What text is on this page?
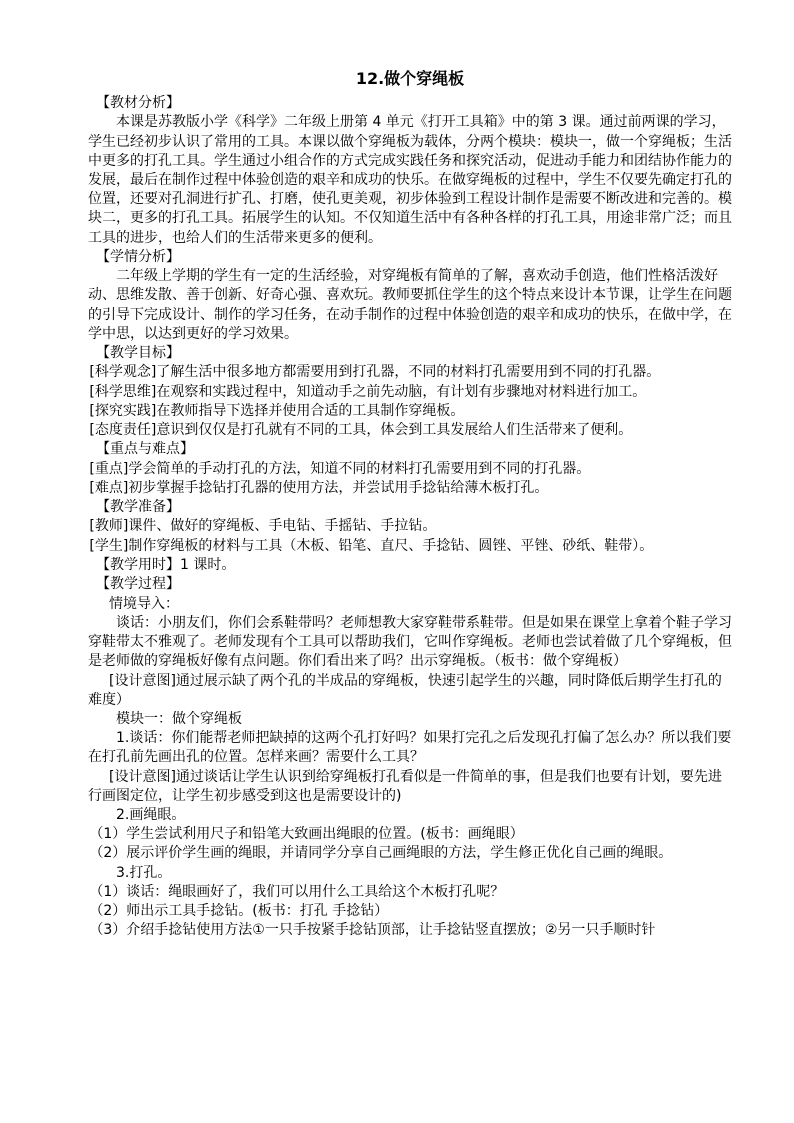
12.做个穿绳板

【教材分析】

本课是苏教版小学《科学》二年级上册第 4 单元《打开工具箱》中的第 3 课。通过前两课的学习，学生已经初步认识了常用的工具。本课以做个穿绳板为载体，分两个模块：模块一，做一个穿绳板；生活中更多的打孔工具。学生通过小组合作的方式完成实践任务和探究活动，促进动手能力和团结协作能力的发展，最后在制作过程中体验创造的艰辛和成功的快乐。在做穿绳板的过程中，学生不仅要先确定打孔的位置，还要对孔洞进行扩孔、打磨，使孔更美观，初步体验到工程设计制作是需要不断改进和完善的。模块二，更多的打孔工具。拓展学生的认知。不仅知道生活中有各种各样的打孔工具，用途非常广泛；而且工具的进步，也给人们的生活带来更多的便利。

【学情分析】

二年级上学期的学生有一定的生活经验，对穿绳板有简单的了解，喜欢动手创造，他们性格活泼好动、思维发散、善于创新、好奇心强、喜欢玩。教师要抓住学生的这个特点来设计本节课，让学生在问题的引导下完成设计、制作的学习任务，在动手制作的过程中体验创造的艰辛和成功的快乐，在做中学，在学中思，以达到更好的学习效果。

【教学目标】

[科学观念]了解生活中很多地方都需要用到打孔器，不同的材料打孔需要用到不同的打孔器。

[科学思维]在观察和实践过程中，知道动手之前先动脑，有计划有步骤地对材料进行加工。

[探究实践]在教师指导下选择并使用合适的工具制作穿绳板。

[态度责任]意识到仅仅是打孔就有不同的工具，体会到工具发展给人们生活带来了便利。

【重点与难点】

[重点]学会简单的手动打孔的方法，知道不同的材料打孔需要用到不同的打孔器。

[难点]初步掌握手捻钻打孔器的使用方法，并尝试用手捻钻给薄木板打孔。

【教学准备】

[教师]课件、做好的穿绳板、手电钻、手摇钻、手拉钻。

[学生]制作穿绳板的材料与工具（木板、铅笔、直尺、手捻钻、圆锉、平锉、砂纸、鞋带）。

【教学用时】1 课时。

【教学过程】

情境导入：

谈话：小朋友们，你们会系鞋带吗？老师想教大家穿鞋带系鞋带。但是如果在课堂上拿着个鞋子学习穿鞋带太不雅观了。老师发现有个工具可以帮助我们，它叫作穿绳板。老师也尝试着做了几个穿绳板，但是老师做的穿绳板好像有点问题。你们看出来了吗？出示穿绳板。（板书：做个穿绳板）

[设计意图]通过展示缺了两个孔的半成品的穿绳板，快速引起学生的兴趣，同时降低后期学生打孔的难度）

模块一：做个穿绳板

1.谈话：你们能帮老师把缺掉的这两个孔打好吗？如果打完孔之后发现孔打偏了怎么办？所以我们要在打孔前先画出孔的位置。怎样来画？需要什么工具？

[设计意图]通过谈话让学生认识到给穿绳板打孔看似是一件简单的事，但是我们也要有计划，要先进行画图定位，让学生初步感受到这也是需要设计的)

2.画绳眼。

（1）学生尝试利用尺子和铅笔大致画出绳眼的位置。(板书：画绳眼）

（2）展示评价学生画的绳眼，并请同学分享自己画绳眼的方法，学生修正优化自己画的绳眼。

3.打孔。

（1）谈话：绳眼画好了，我们可以用什么工具给这个木板打孔呢？

（2）师出示工具手捻钻。(板书：打孔 手捻钻）

（3）介绍手捻钻使用方法①一只手按紧手捻钻顶部，让手捻钻竖直摆放；②另一只手顺时针
